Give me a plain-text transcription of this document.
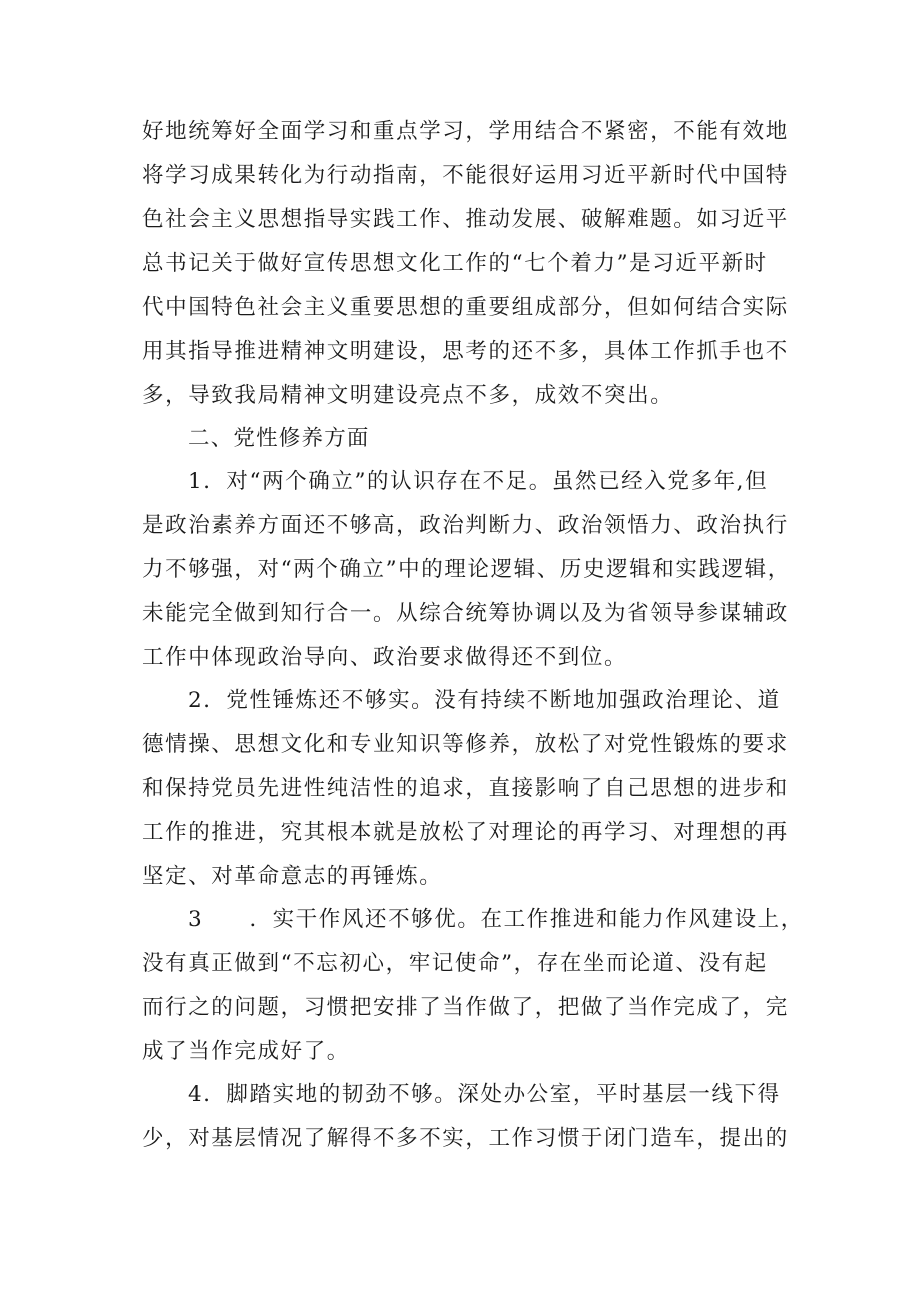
好地统筹好全面学习和重点学习，学用结合不紧密，不能有效地
将学习成果转化为行动指南，不能很好运用习近平新时代中国特
色社会主义思想指导实践工作、推动发展、破解难题。如习近平
总书记关于做好宣传思想文化工作的“七个着力”是习近平新时
代中国特色社会主义重要思想的重要组成部分，但如何结合实际
用其指导推进精神文明建设，思考的还不多，具体工作抓手也不
多，导致我局精神文明建设亮点不多，成效不突出。
二、党性修养方面
1．对“两个确立”的认识存在不足。虽然已经入党多年,但
是政治素养方面还不够高，政治判断力、政治领悟力、政治执行
力不够强，对“两个确立”中的理论逻辑、历史逻辑和实践逻辑，
未能完全做到知行合一。从综合统筹协调以及为省领导参谋辅政
工作中体现政治导向、政治要求做得还不到位。
2．党性锤炼还不够实。没有持续不断地加强政治理论、道
德情操、思想文化和专业知识等修养，放松了对党性锻炼的要求
和保持党员先进性纯洁性的追求，直接影响了自己思想的进步和
工作的推进，究其根本就是放松了对理论的再学习、对理想的再
坚定、对革命意志的再锤炼。
3　　．实干作风还不够优。在工作推进和能力作风建设上，
没有真正做到“不忘初心，牢记使命”，存在坐而论道、没有起
而行之的问题，习惯把安排了当作做了，把做了当作完成了，完
成了当作完成好了。
4．脚踏实地的韧劲不够。深处办公室，平时基层一线下得
少，对基层情况了解得不多不实，工作习惯于闭门造车，提出的
